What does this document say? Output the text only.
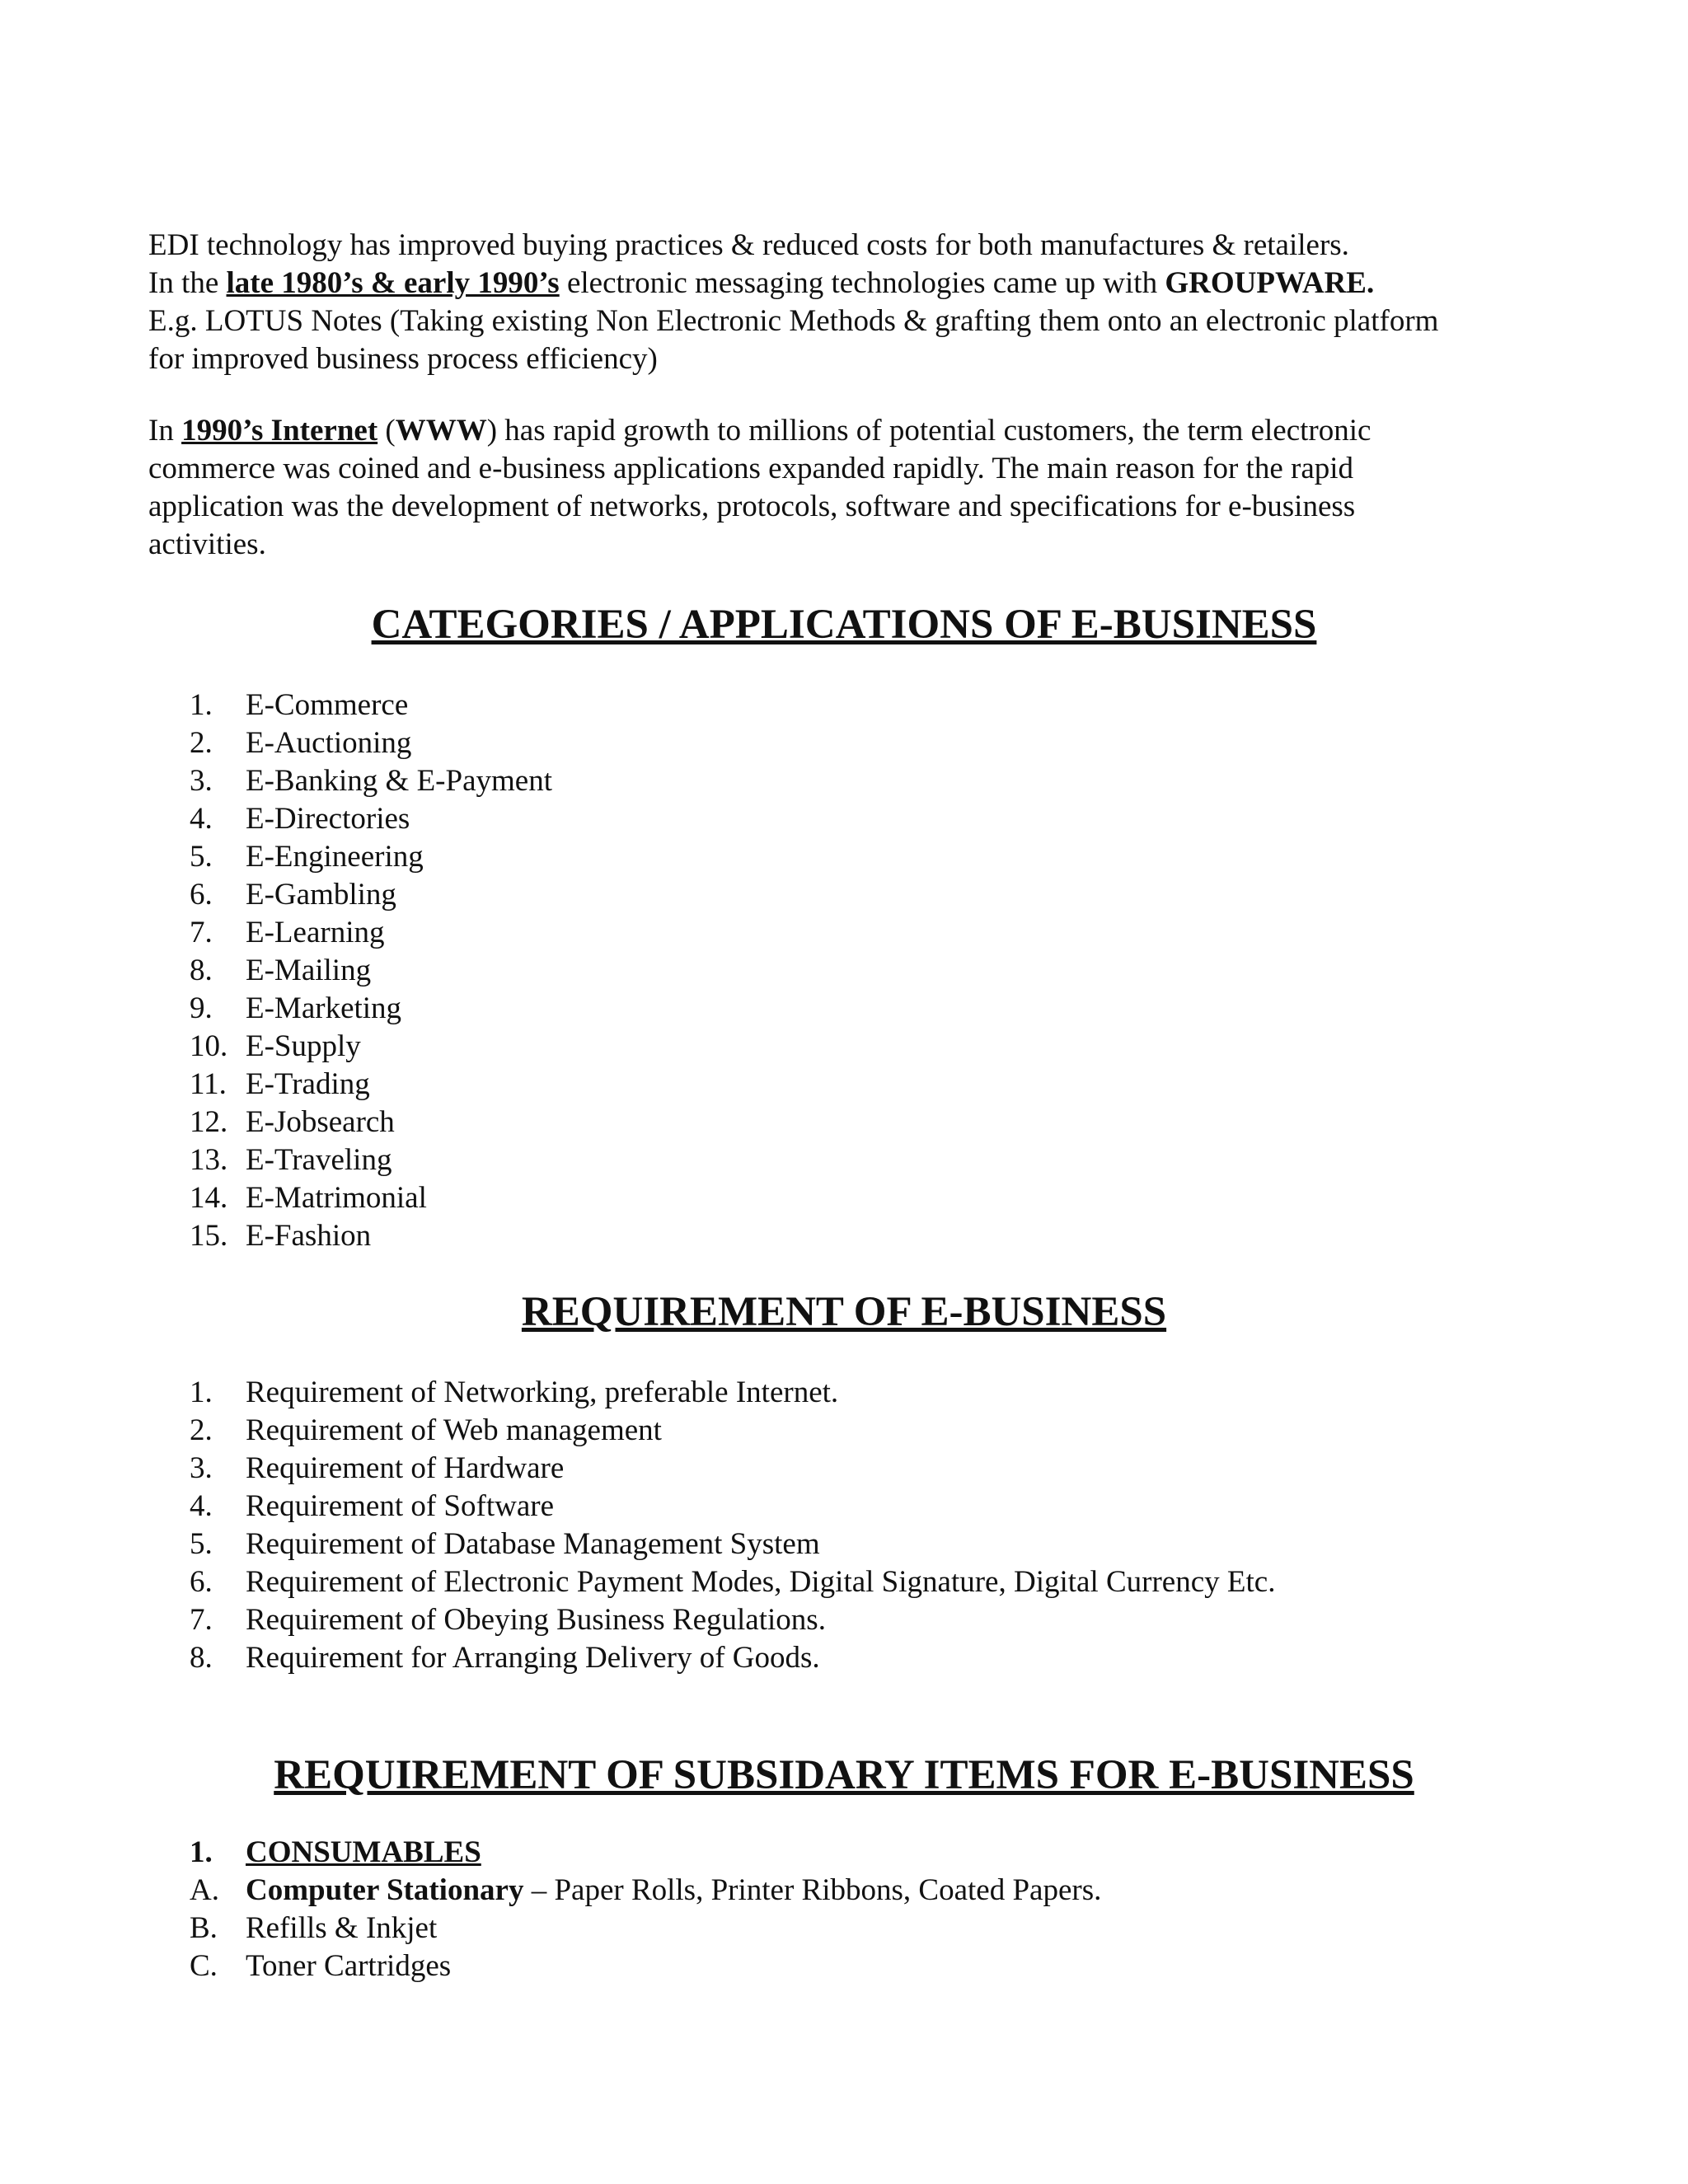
EDI technology has improved buying practices & reduced costs for both manufactures & retailers.
In the late 1980’s & early 1990’s electronic messaging technologies came up with GROUPWARE.
E.g. LOTUS Notes (Taking existing Non Electronic Methods & grafting them onto an electronic platform
for improved business process efficiency)
In 1990’s Internet (WWW) has rapid growth to millions of potential customers, the term electronic
commerce was coined and e-business applications expanded rapidly. The main reason for the rapid
application was the development of networks, protocols, software and specifications for e-business
activities.
CATEGORIES / APPLICATIONS OF E-BUSINESS
1.	E-Commerce
2.	E-Auctioning
3.	E-Banking & E-Payment
4.	E-Directories
5.	E-Engineering
6.	E-Gambling
7.	E-Learning
8.	E-Mailing
9.	E-Marketing
10. E-Supply
11. E-Trading
12. E-Jobsearch
13. E-Traveling
14. E-Matrimonial
15. E-Fashion
REQUIREMENT OF E-BUSINESS
1.	Requirement of Networking, preferable Internet.
2.	Requirement of Web management
3.	Requirement of Hardware
4.	Requirement of Software
5.	Requirement of Database Management System
6.	Requirement of Electronic Payment Modes, Digital Signature, Digital Currency Etc.
7.	Requirement of Obeying Business Regulations.
8.	Requirement for Arranging Delivery of Goods.
REQUIREMENT OF SUBSIDARY ITEMS FOR E-BUSINESS
1.	CONSUMABLES
A. Computer Stationary – Paper Rolls, Printer Ribbons, Coated Papers.
B. Refills & Inkjet
C. Toner Cartridges
